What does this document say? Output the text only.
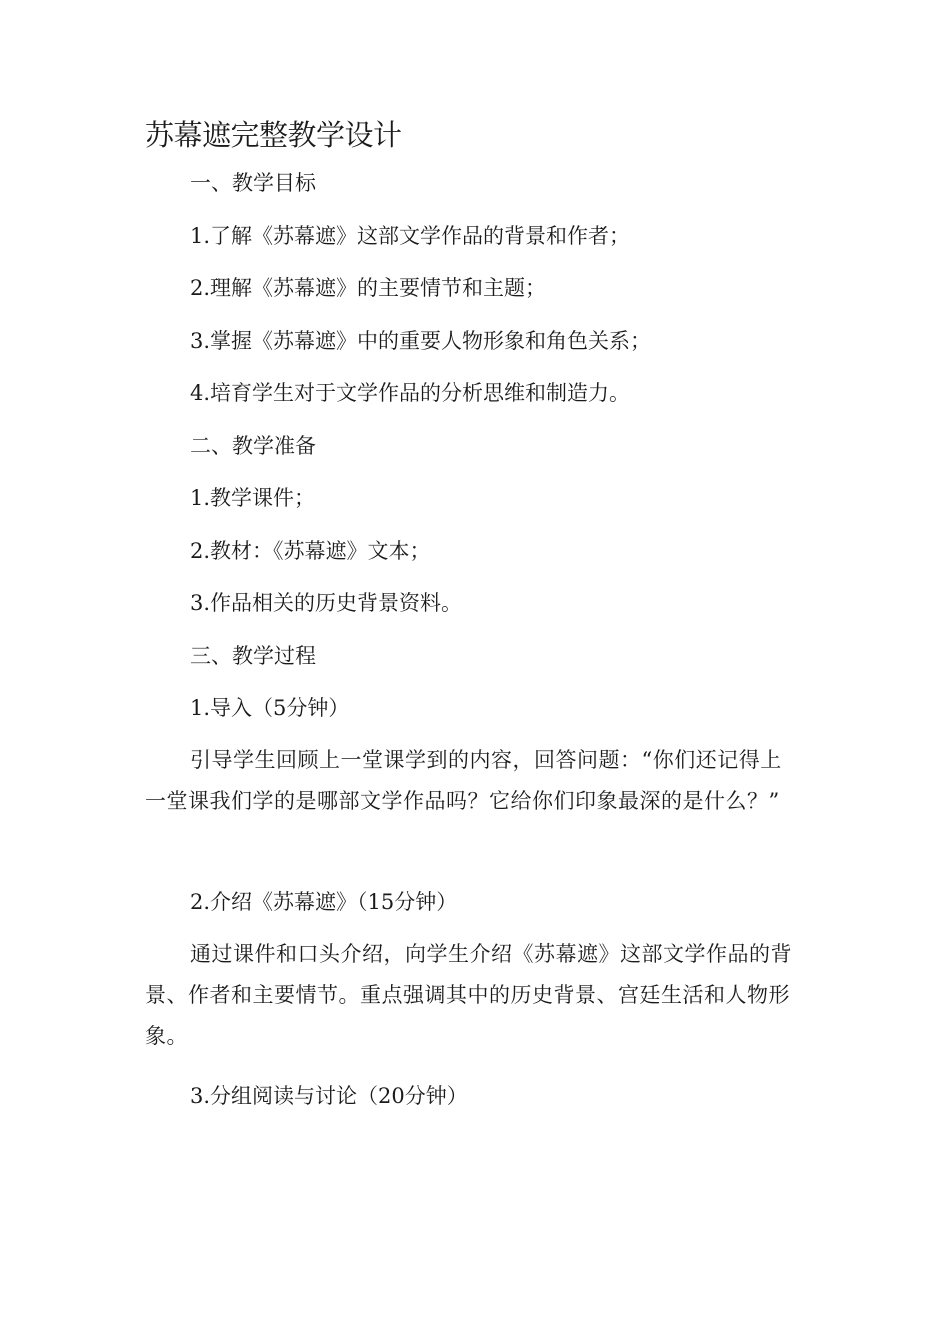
苏幕遮完整教学设计
一、教学目标
1.了解《苏幕遮》这部文学作品的背景和作者；
2.理解《苏幕遮》的主要情节和主题；
3.掌握《苏幕遮》中的重要人物形象和角色关系；
4.培育学生对于文学作品的分析思维和制造力。
二、教学准备
1.教学课件；
2.教材：《苏幕遮》文本；
3.作品相关的历史背景资料。
三、教学过程
1.导入（5分钟）
引导学生回顾上一堂课学到的内容，回答问题：“你们还记得上一堂课我们学的是哪部文学作品吗？它给你们印象最深的是什么？”
2.介绍《苏幕遮》（15分钟）
通过课件和口头介绍，向学生介绍《苏幕遮》这部文学作品的背景、作者和主要情节。重点强调其中的历史背景、宫廷生活和人物形象。
3.分组阅读与讨论（20分钟）
